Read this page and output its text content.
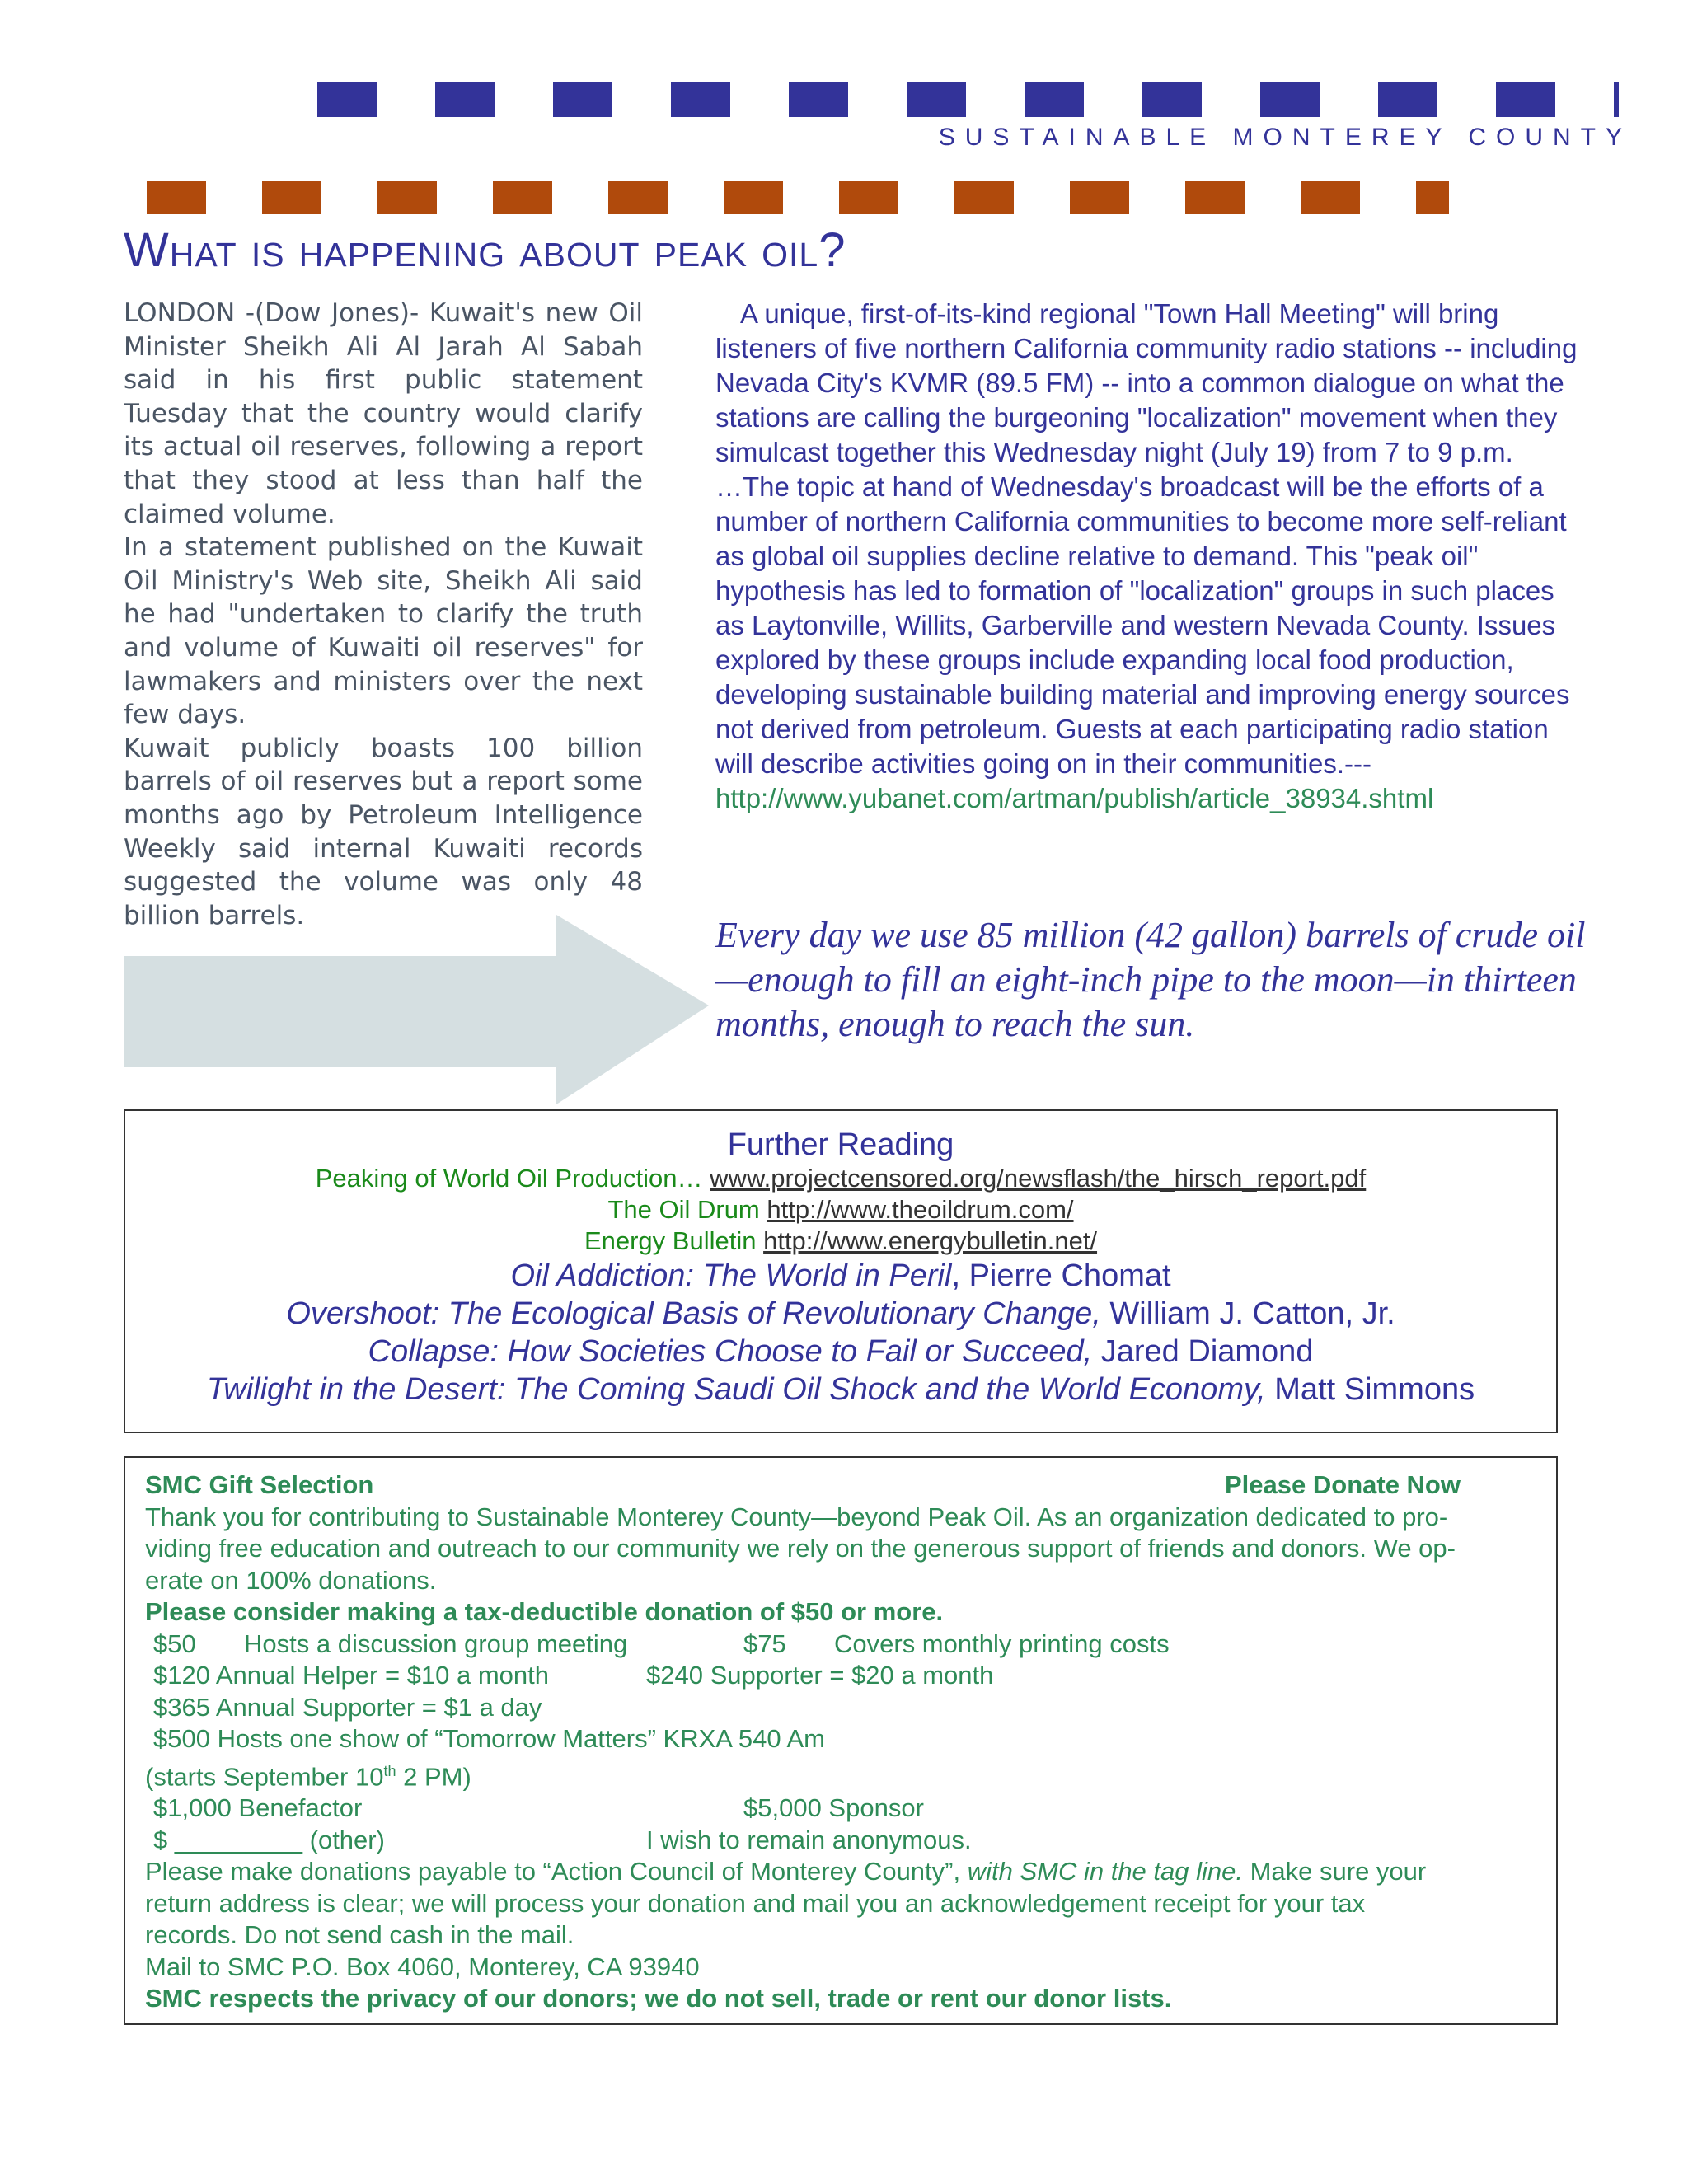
SUSTAINABLE MONTEREY COUNTY
What is happening about peak oil?

LONDON -(Dow Jones)- Kuwait's new Oil Minister Sheikh Ali Al Jarah Al Sabah said in his first public statement Tuesday that the country would clarify its actual oil reserves, following a report that they stood at less than half the claimed volume.

In a statement published on the Kuwait Oil Ministry's Web site, Sheikh Ali said he had "undertaken to clarify the truth and volume of Kuwaiti oil reserves" for lawmakers and ministers over the next few days.

Kuwait publicly boasts 100 billion barrels of oil reserves but a report some months ago by Petroleum Intelligence Weekly said internal Kuwaiti records suggested the volume was only 48 billion barrels.

A unique, first-of-its-kind regional "Town Hall Meeting" will bring listeners of five northern California community radio stations -- including Nevada City's KVMR (89.5 FM) -- into a common dialogue on what the stations are calling the burgeoning "localization" movement when they simulcast together this Wednesday night (July 19) from 7 to 9 p.m.

…The topic at hand of Wednesday's broadcast will be the efforts of a number of northern California communities to become more self-reliant as global oil supplies decline relative to demand. This "peak oil" hypothesis has led to formation of "localization" groups in such places as Laytonville, Willits, Garberville and western Nevada County. Issues explored by these groups include expanding local food production, developing sustainable building material and improving energy sources not derived from petroleum. Guests at each participating radio station will describe activities going on in their communities.---http://www.yubanet.com/artman/publish/article_38934.shtml

Every day we use 85 million (42 gallon) barrels of crude oil—enough to fill an eight-inch pipe to the moon—in thirteen months, enough to reach the sun.
Further Reading
Peaking of World Oil Production… www.projectcensored.org/newsflash/the_hirsch_report.pdf
The Oil Drum http://www.theoildrum.com/
Energy Bulletin http://www.energybulletin.net/
Oil Addiction: The World in Peril, Pierre Chomat
Overshoot: The Ecological Basis of Revolutionary Change, William J. Catton, Jr.
Collapse: How Societies Choose to Fail or Succeed, Jared Diamond
Twilight in the Desert: The Coming Saudi Oil Shock and the World Economy, Matt Simmons
SMC Gift Selection	Please Donate Now
Thank you for contributing to Sustainable Monterey County—beyond Peak Oil. As an organization dedicated to pro-
viding free education and outreach to our community we rely on the generous support of friends and donors. We op-
erate on 100% donations.
Please consider making a tax-deductible donation of $50 or more.
$50 Hosts a discussion group meeting	$75 Covers monthly printing costs
$120 Annual Helper = $10 a month	$240 Supporter = $20 a month
$365 Annual Supporter = $1 a day
$500 Hosts one show of “Tomorrow Matters” KRXA 540 Am
(starts September 10th 2 PM)
$1,000 Benefactor	$5,000 Sponsor
$ _________ (other)	I wish to remain anonymous.
Please make donations payable to “Action Council of Monterey County”, with SMC in the tag line. Make sure your
return address is clear; we will process your donation and mail you an acknowledgement receipt for your tax
records. Do not send cash in the mail.
Mail to SMC P.O. Box 4060, Monterey, CA 93940
SMC respects the privacy of our donors; we do not sell, trade or rent our donor lists.
